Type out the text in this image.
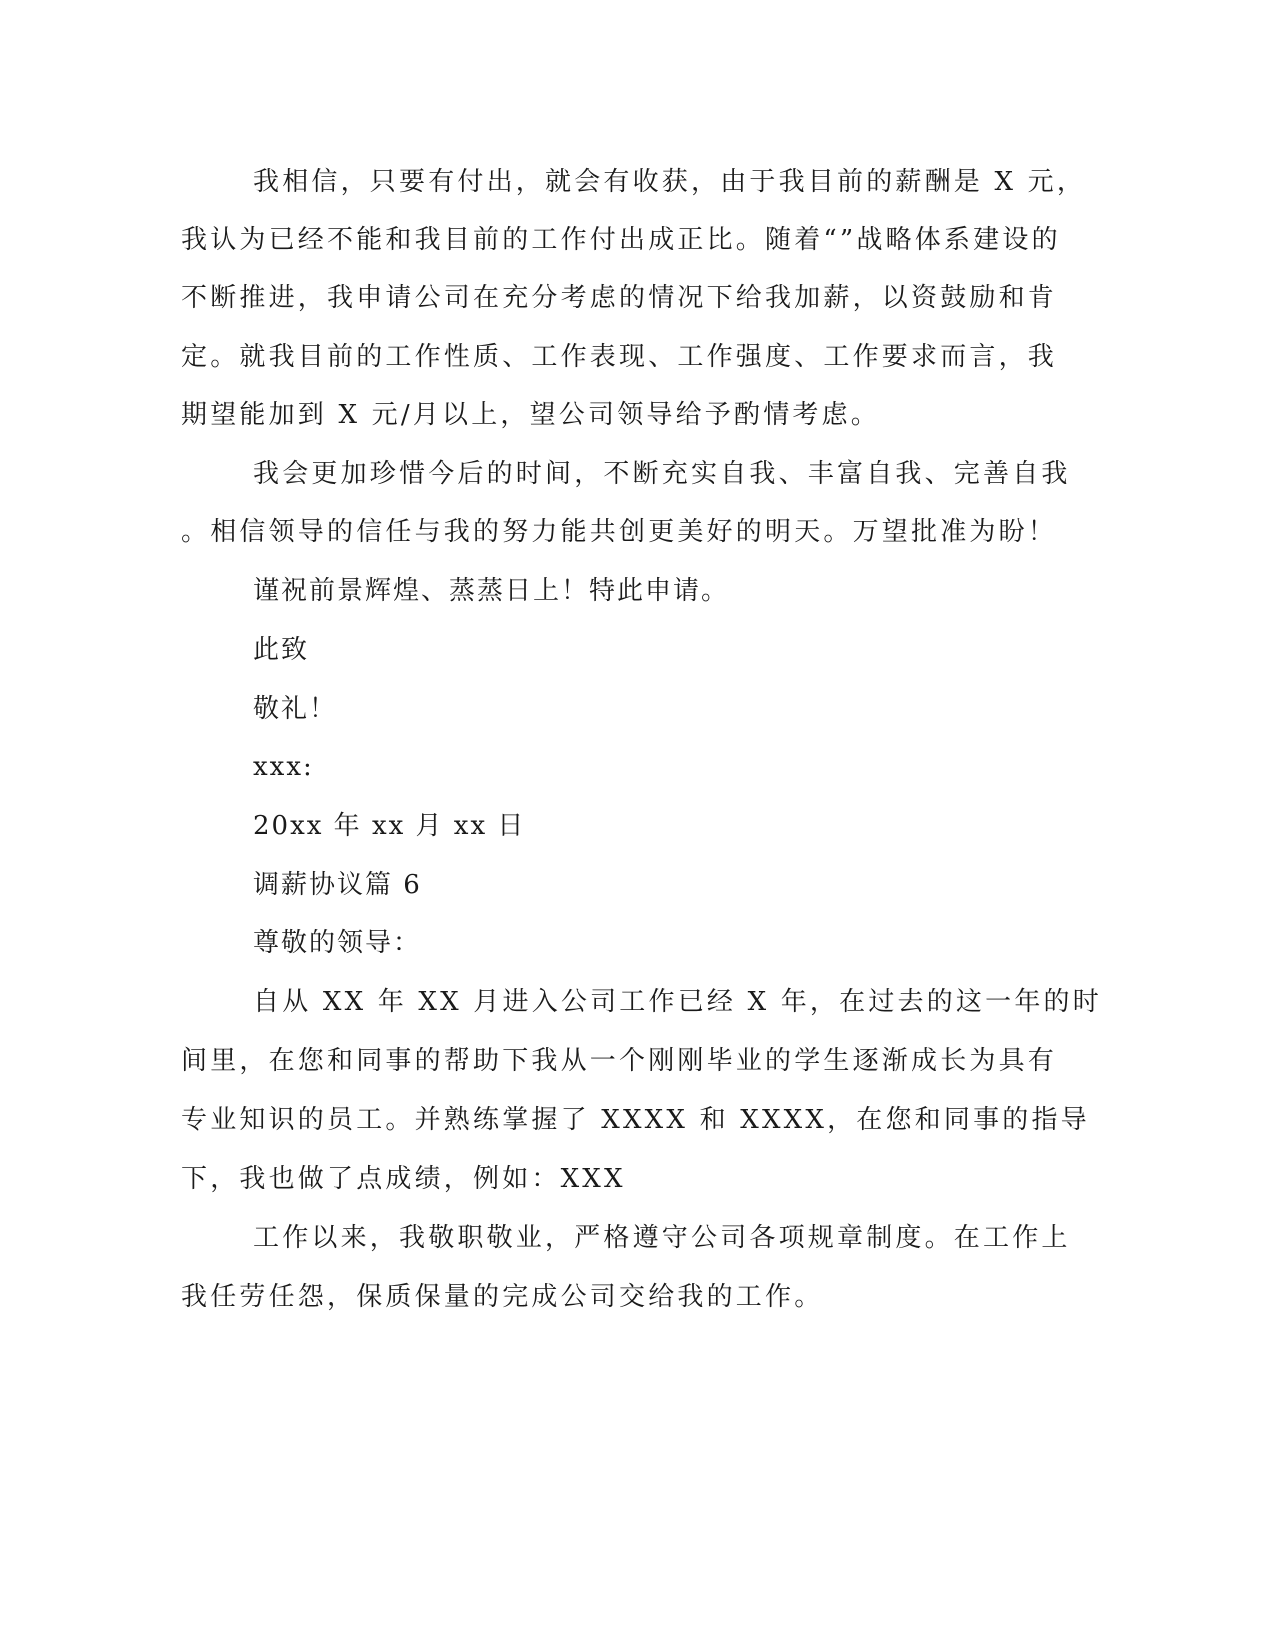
我相信，只要有付出，就会有收获，由于我目前的薪酬是 X 元，
我认为已经不能和我目前的工作付出成正比。随着“”战略体系建设的
不断推进，我申请公司在充分考虑的情况下给我加薪，以资鼓励和肯
定。就我目前的工作性质、工作表现、工作强度、工作要求而言，我
期望能加到 X 元/月以上，望公司领导给予酌情考虑。
我会更加珍惜今后的时间，不断充实自我、丰富自我、完善自我
。相信领导的信任与我的努力能共创更美好的明天。万望批准为盼！
谨祝前景辉煌、蒸蒸日上！特此申请。
此致
敬礼！
xxx:
20xx 年 xx 月 xx 日
调薪协议篇 6
尊敬的领导：
自从 XX 年 XX 月进入公司工作已经 X 年，在过去的这一年的时
间里，在您和同事的帮助下我从一个刚刚毕业的学生逐渐成长为具有
专业知识的员工。并熟练掌握了 XXXX 和 XXXX，在您和同事的指导
下，我也做了点成绩，例如：XXX
工作以来，我敬职敬业，严格遵守公司各项规章制度。在工作上
我任劳任怨，保质保量的完成公司交给我的工作。
